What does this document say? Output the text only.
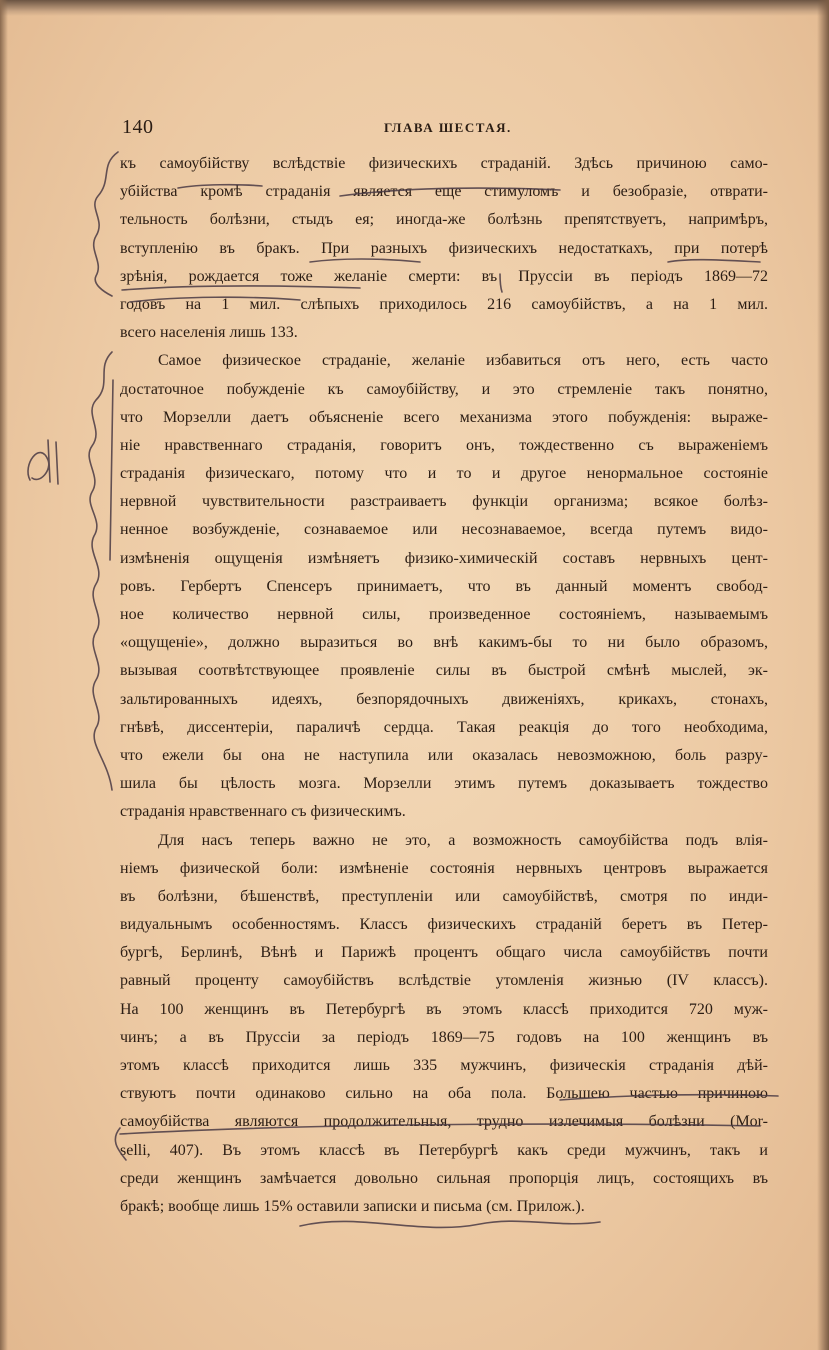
140	ГЛАВА ШЕСТАЯ.
къ самоубійству вслѣдствіе физическихъ страданій. Здѣсь причиною само-
убійства кромѣ страданія является еще стимуломъ и безобразіе, отврати-
тельность болѣзни, стыдъ ея; иногда-же болѣзнь препятствуетъ, напримѣръ,
вступленію въ бракъ. При разныхъ физическихъ недостаткахъ, при потерѣ
зрѣнія, рождается тоже желаніе смерти: въ Пруссіи въ періодъ 1869—72
годовъ на 1 мил. слѣпыхъ приходилось 216 самоубійствъ, а на 1 мил.
всего населенія лишь 133.
Самое физическое страданіе, желаніе избавиться отъ него, есть часто
достаточное побужденіе къ самоубійству, и это стремленіе такъ понятно,
что Морзелли даетъ объясненіе всего механизма этого побужденія: выраже-
ніе нравственнаго страданія, говоритъ онъ, тождественно съ выраженіемъ
страданія физическаго, потому что и то и другое ненормальное состояніе
нервной чувствительности разстраиваетъ функціи организма; всякое болѣз-
ненное возбужденіе, сознаваемое или несознаваемое, всегда путемъ видо-
измѣненія ощущенія измѣняетъ физико-химическій составъ нервныхъ цент-
ровъ. Гербертъ Спенсеръ принимаетъ, что въ данный моментъ свобод-
ное количество нервной силы, произведенное состояніемъ, называемымъ
«ощущеніе», должно выразиться во внѣ какимъ-бы то ни было образомъ,
вызывая соотвѣтствующее проявленіе силы въ быстрой смѣнѣ мыслей, эк-
зальтированныхъ идеяхъ, безпорядочныхъ движеніяхъ, крикахъ, стонахъ,
гнѣвѣ, диссентеріи, параличѣ сердца. Такая реакція до того необходима,
что ежели бы она не наступила или оказалась невозможною, боль разру-
шила бы цѣлость мозга. Морзелли этимъ путемъ доказываетъ тождество
страданія нравственнаго съ физическимъ.
Для насъ теперь важно не это, а возможность самоубійства подъ влія-
ніемъ физической боли: измѣненіе состоянія нервныхъ центровъ выражается
въ болѣзни, бѣшенствѣ, преступленіи или самоубійствѣ, смотря по инди-
видуальнымъ особенностямъ. Классъ физическихъ страданій беретъ въ Петер-
бургѣ, Берлинѣ, Вѣнѣ и Парижѣ процентъ общаго числа самоубійствъ почти
равный проценту самоубійствъ вслѣдствіе утомленія жизнью (IV классъ).
На 100 женщинъ въ Петербургѣ въ этомъ классѣ приходится 720 муж-
чинъ; а въ Пруссіи за періодъ 1869—75 годовъ на 100 женщинъ въ
этомъ классѣ приходится лишь 335 мужчинъ, физическія страданія дѣй-
ствуютъ почти одинаково сильно на оба пола. Большею частью причиною
самоубійства являются продолжительныя, трудно излечимыя болѣзни (Mor-
selli, 407). Въ этомъ классѣ въ Петербургѣ какъ среди мужчинъ, такъ и
среди женщинъ замѣчается довольно сильная пропорція лицъ, состоящихъ въ
бракѣ; вообще лишь 15% оставили записки и письма (см. Прилож.).
